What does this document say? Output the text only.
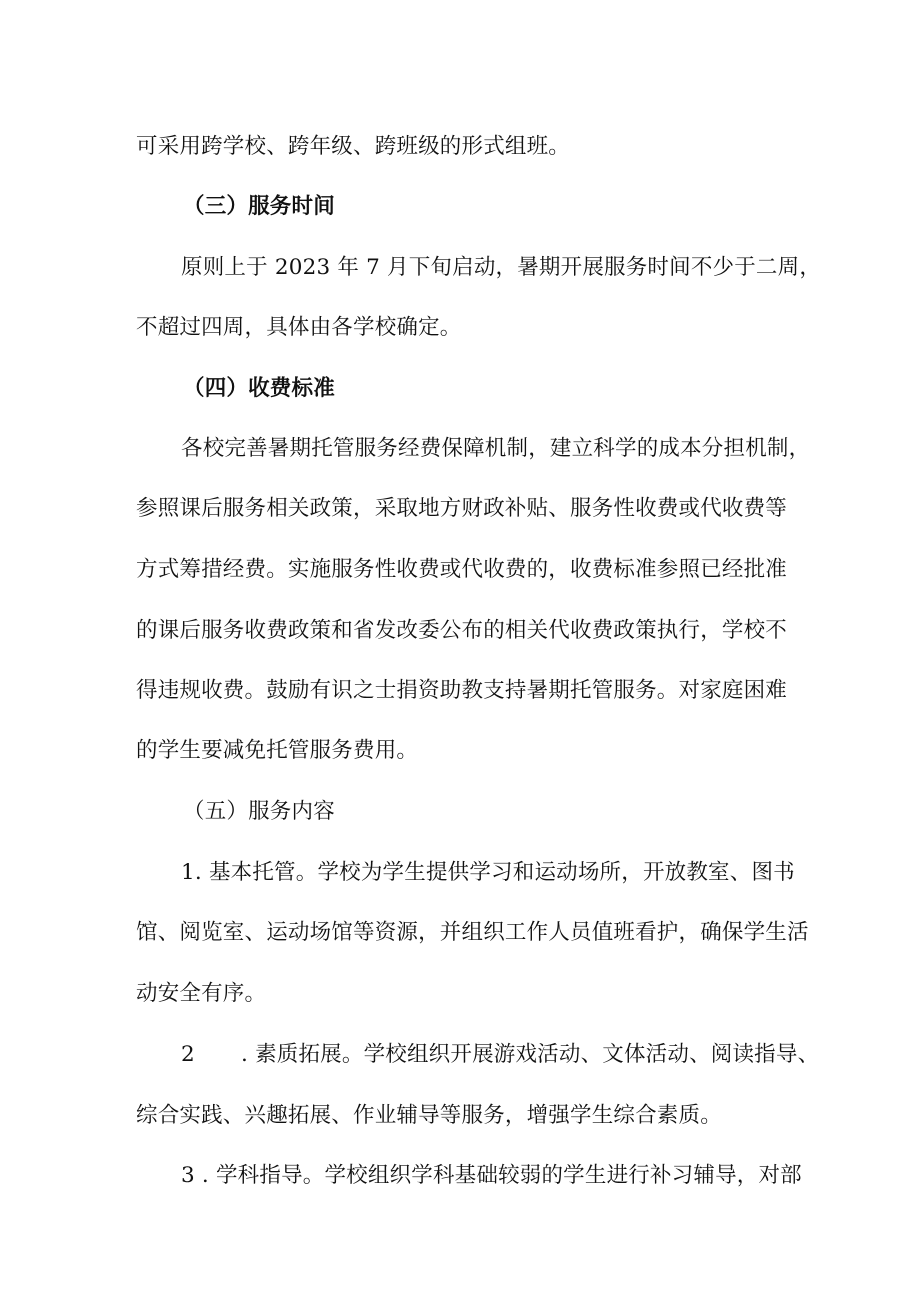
可采用跨学校、跨年级、跨班级的形式组班。
（三）服务时间
原则上于 2023 年 7 月下旬启动，暑期开展服务时间不少于二周，
不超过四周，具体由各学校确定。
（四）收费标准
各校完善暑期托管服务经费保障机制，建立科学的成本分担机制，
参照课后服务相关政策，采取地方财政补贴、服务性收费或代收费等
方式筹措经费。实施服务性收费或代收费的，收费标准参照已经批准
的课后服务收费政策和省发改委公布的相关代收费政策执行，学校不
得违规收费。鼓励有识之士捐资助教支持暑期托管服务。对家庭困难
的学生要减免托管服务费用。
（五）服务内容
1. 基本托管。学校为学生提供学习和运动场所，开放教室、图书
馆、阅览室、运动场馆等资源，并组织工作人员值班看护，确保学生活
动安全有序。
2 . 素质拓展。学校组织开展游戏活动、文体活动、阅读指导、
综合实践、兴趣拓展、作业辅导等服务，增强学生综合素质。
3 . 学科指导。学校组织学科基础较弱的学生进行补习辅导，对部
